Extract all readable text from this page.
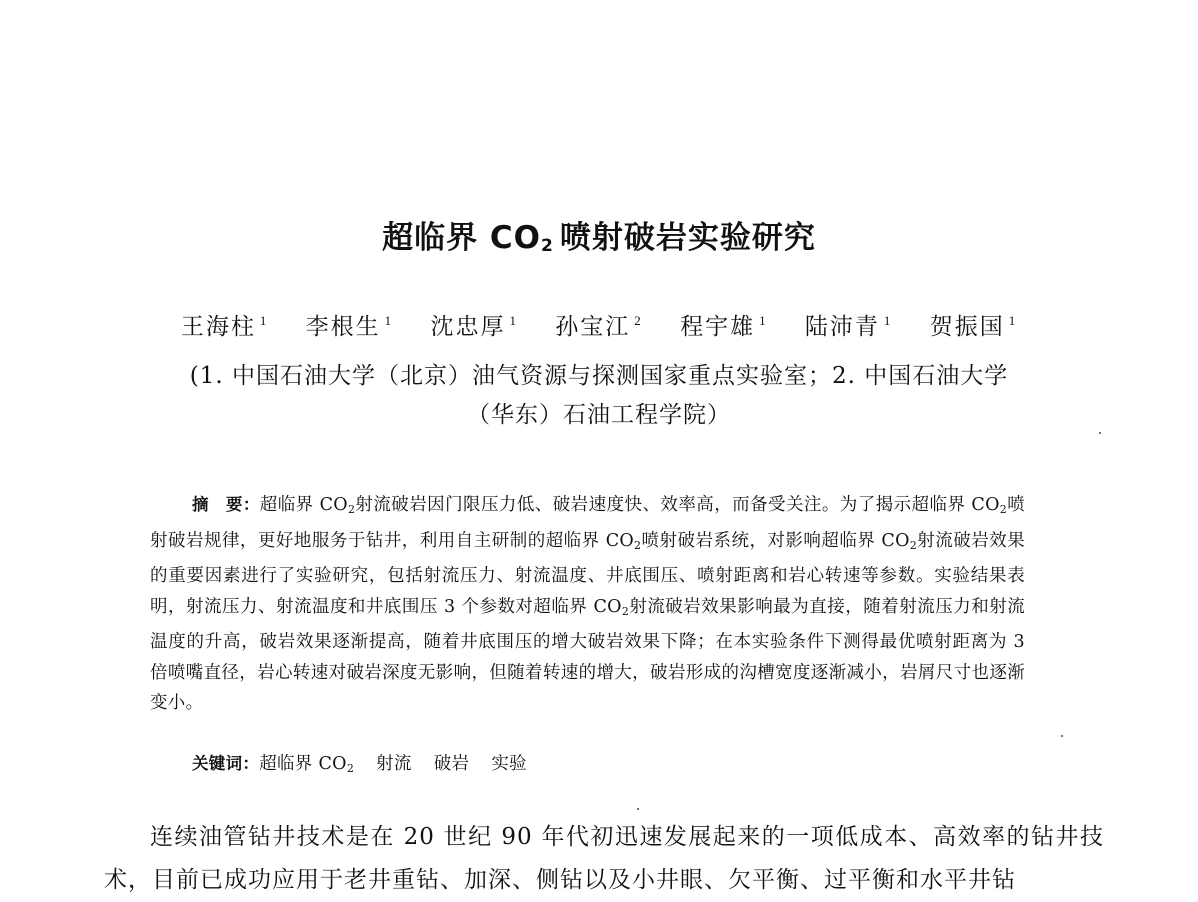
超临界 $CO_2$ 喷射破岩实验研究
王海柱 $^1$ 李根生 $^1$ 沈忠厚 $^1$ 孙宝江 $^2$ 程宇雄 $^1$ 陆沛青 $^1$ 贺振国 $^1$
(1. 中国石油大学（北京）油气资源与探测国家重点实验室；2. 中国石油大学
（华东）石油工程学院）
摘　要：超临界 $CO_2$射流破岩因门限压力低、破岩速度快、效率高，而备受关注。为了揭示超临界 $CO_2$喷射破岩规律，更好地服务于钻井，利用自主研制的超临界 $CO_2$喷射破岩系统，对影响超临界 $CO_2$射流破岩效果的重要因素进行了实验研究，包括射流压力、射流温度、井底围压、喷射距离和岩心转速等参数。实验结果表明，射流压力、射流温度和井底围压 3 个参数对超临界 $CO_2$射流破岩效果影响最为直接，随着射流压力和射流温度的升高，破岩效果逐渐提高，随着井底围压的增大破岩效果下降；在本实验条件下测得最优喷射距离为 3 倍喷嘴直径，岩心转速对破岩深度无影响，但随着转速的增大，破岩形成的沟槽宽度逐渐减小，岩屑尺寸也逐渐变小。
关键词：超临界 $CO_2$ 射流 破岩 实验
连续油管钻井技术是在 20 世纪 90 年代初迅速发展起来的一项低成本、高效率的钻井技术，目前已成功应用于老井重钻、加深、侧钻以及小井眼、欠平衡、过平衡和水平井钻
